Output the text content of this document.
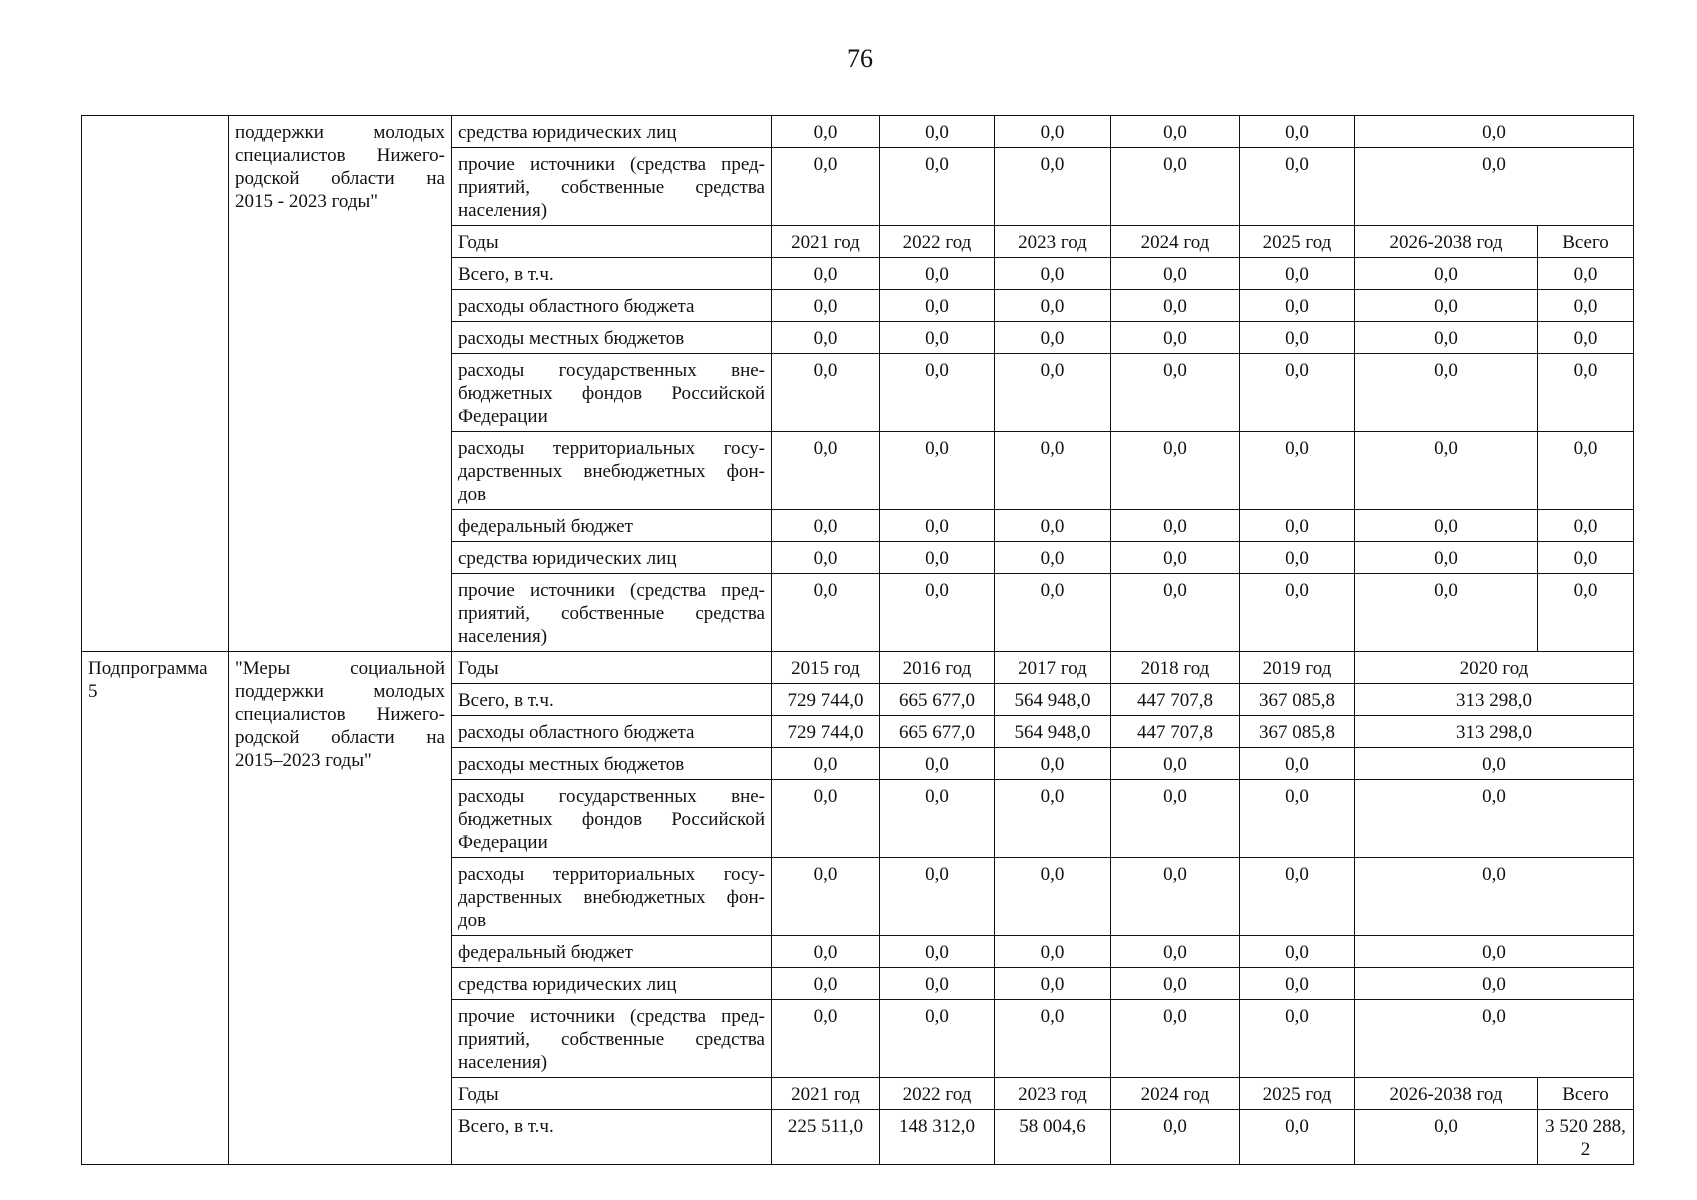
76

	поддержки молодых
специалистов Нижего-
родской области на
2015 - 2023 годы"	средства юридических лиц	0,0	0,0	0,0	0,0	0,0	0,0	

		прочие источники (средства пред-
приятий, собственные средства
населения)	0,0	0,0	0,0	0,0	0,0	0,0	
		Годы	2021 год	2022 год	2023 год	2024 год	2025 год	2026-2038 год	Всего
		Всего, в т.ч.	0,0	0,0	0,0	0,0	0,0	0,0	0,0
		расходы областного бюджета	0,0	0,0	0,0	0,0	0,0	0,0	0,0
		расходы местных бюджетов	0,0	0,0	0,0	0,0	0,0	0,0	0,0

		расходы государственных вне-
бюджетных фондов Российской
Федерации	0,0	0,0	0,0	0,0	0,0	0,0	0,0

		расходы территориальных госу-
дарственных внебюджетных фон-
дов	0,0	0,0	0,0	0,0	0,0	0,0	0,0
		федеральный бюджет	0,0	0,0	0,0	0,0	0,0	0,0	0,0
		средства юридических лиц	0,0	0,0	0,0	0,0	0,0	0,0	0,0

		прочие источники (средства пред-
приятий, собственные средства
населения)	0,0	0,0	0,0	0,0	0,0	0,0	0,0

Подпрограмма
5	"Меры социальной
поддержки молодых
специалистов Нижего-
родской области на
2015–2023 годы"	Годы	2015 год	2016 год	2017 год	2018 год	2019 год	2020 год	
		Всего, в т.ч.	729 744,0	665 677,0	564 948,0	447 707,8	367 085,8	313 298,0	
		расходы областного бюджета	729 744,0	665 677,0	564 948,0	447 707,8	367 085,8	313 298,0	
		расходы местных бюджетов	0,0	0,0	0,0	0,0	0,0	0,0	

		расходы государственных вне-
бюджетных фондов Российской
Федерации	0,0	0,0	0,0	0,0	0,0	0,0	

		расходы территориальных госу-
дарственных внебюджетных фон-
дов	0,0	0,0	0,0	0,0	0,0	0,0	
		федеральный бюджет	0,0	0,0	0,0	0,0	0,0	0,0	
		средства юридических лиц	0,0	0,0	0,0	0,0	0,0	0,0	

		прочие источники (средства пред-
приятий, собственные средства
населения)	0,0	0,0	0,0	0,0	0,0	0,0	
		Годы	2021 год	2022 год	2023 год	2024 год	2025 год	2026-2038 год	Всего
		Всего, в т.ч.	225 511,0	148 312,0	58 004,6	0,0	0,0	0,0	3 520 288,
2
